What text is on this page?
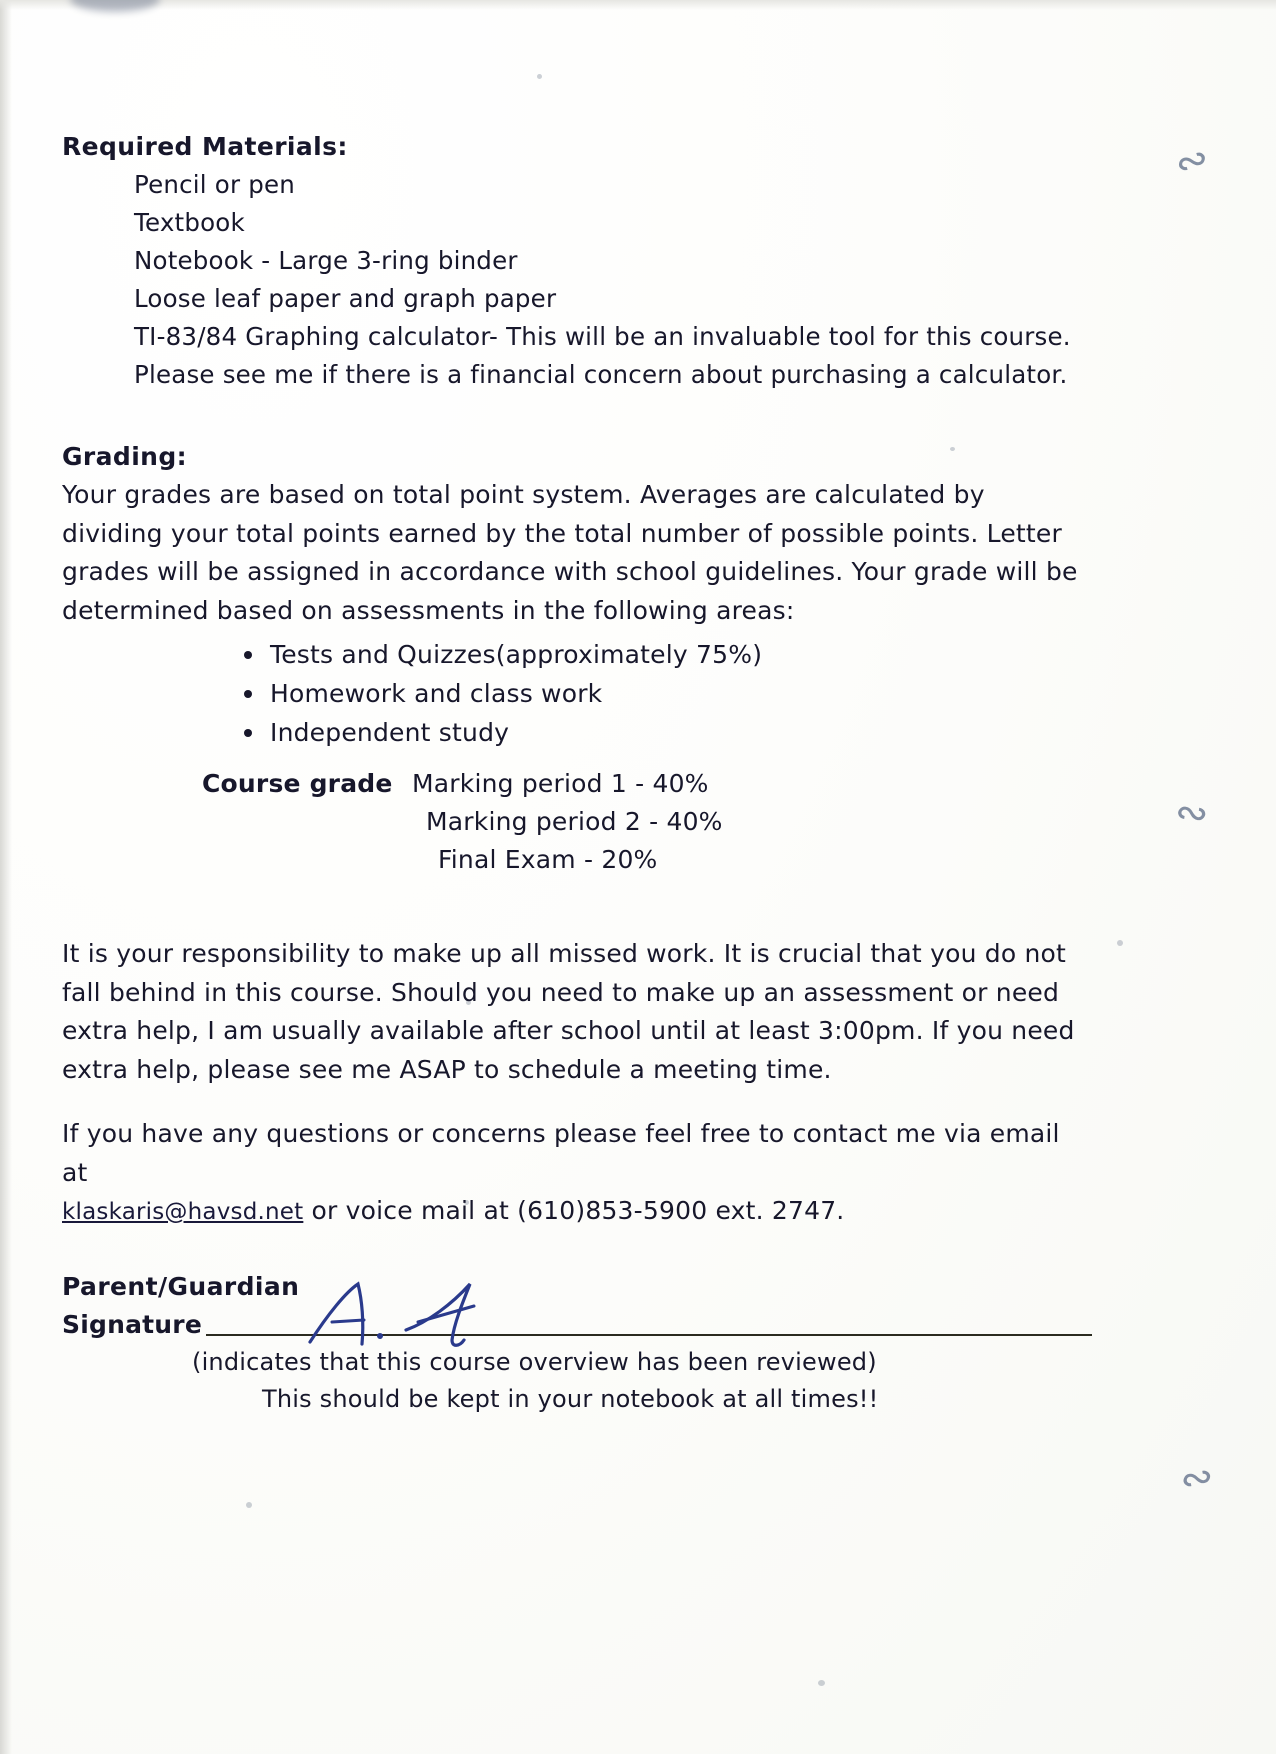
∾
∾
∾
Required Materials:
Pencil or pen
Textbook
Notebook - Large 3-ring binder
Loose leaf paper and graph paper
TI-83/84 Graphing calculator- This will be an invaluable tool for this course.
Please see me if there is a financial concern about purchasing a calculator.
Grading:
Your grades are based on total point system. Averages are calculated by dividing your total points earned by the total number of possible points. Letter grades will be assigned in accordance with school guidelines. Your grade will be determined based on assessments in the following areas:
Tests and Quizzes(approximately 75%)
Homework and class work
Independent study
Course grade Marking period 1 - 40%
Marking period 2 - 40%
Final Exam - 20%
It is your responsibility to make up all missed work. It is crucial that you do not fall behind in this course. Should you need to make up an assessment or need extra help, I am usually available after school until at least 3:00pm. If you need extra help, please see me ASAP to schedule a meeting time.
If you have any questions or concerns please feel free to contact me via email at
klaskaris@havsd.net or voice mail at (610)853-5900 ext. 2747.
Parent/Guardian
Signature
(indicates that this course overview has been reviewed)
This should be kept in your notebook at all times!!
